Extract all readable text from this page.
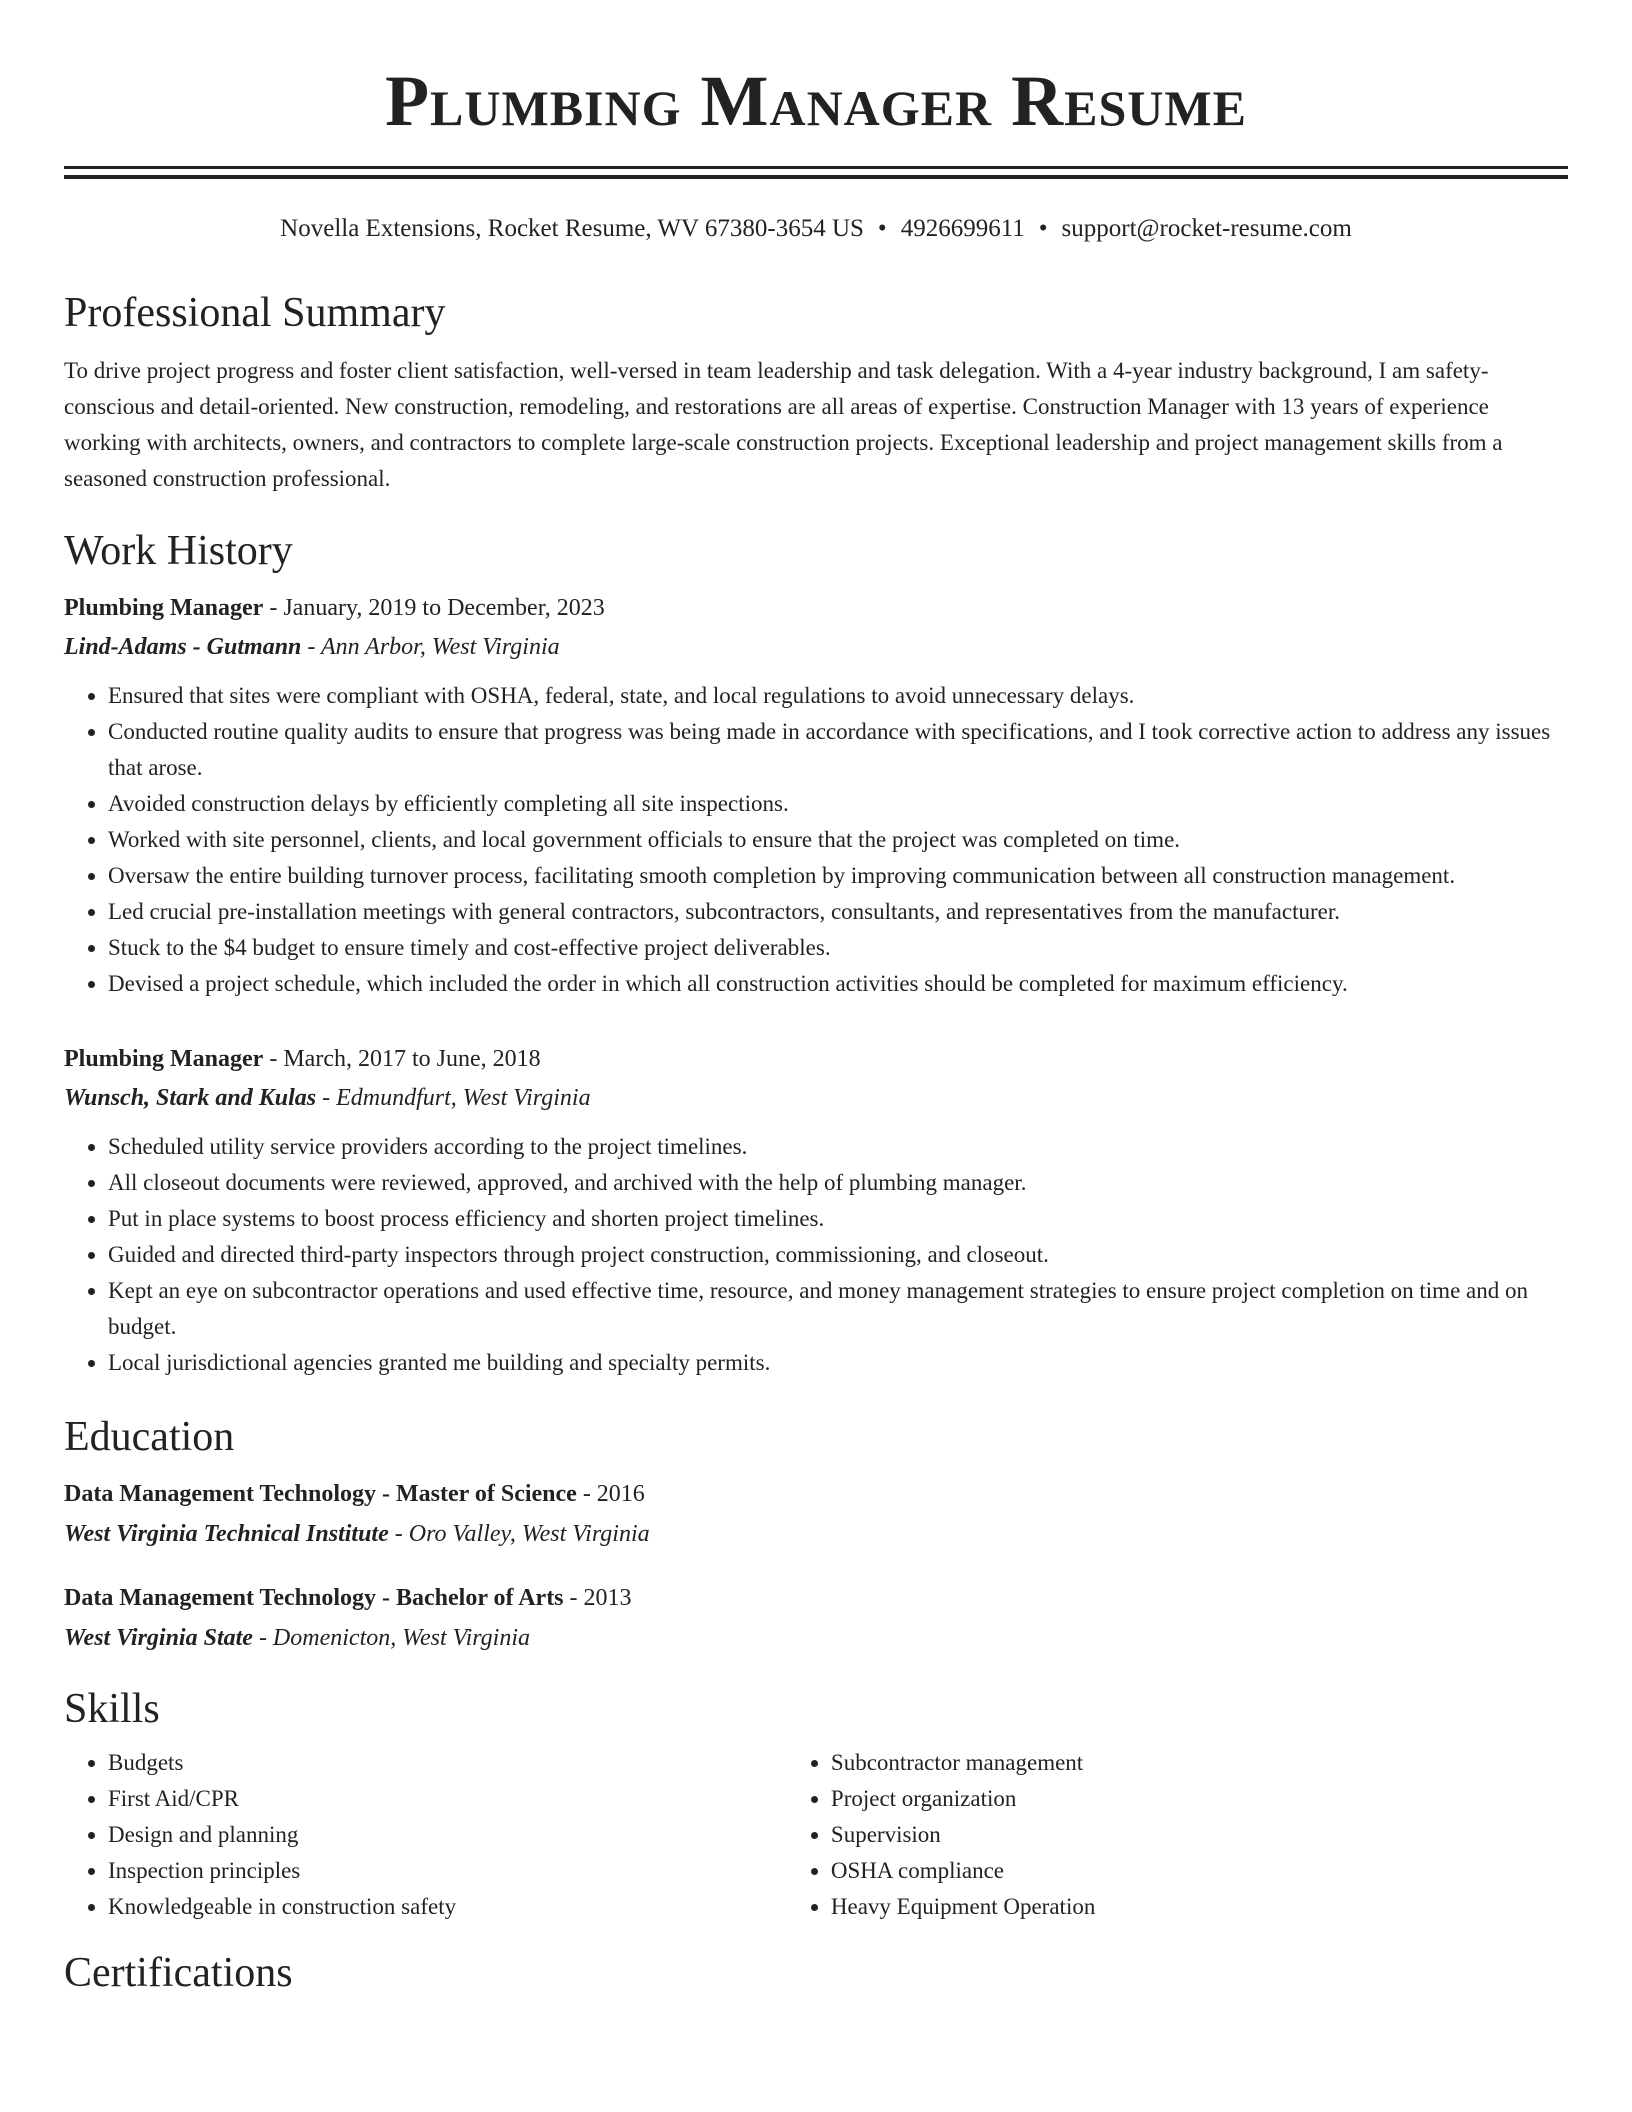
Plumbing Manager Resume
Novella Extensions, Rocket Resume, WV 67380-3654 US • 4926699611 • support@rocket-resume.com
Professional Summary

To drive project progress and foster client satisfaction, well-versed in team leadership and task delegation. With a 4-year industry background, I am safety-conscious and detail-oriented. New construction, remodeling, and restorations are all areas of expertise. Construction Manager with 13 years of experience working with architects, owners, and contractors to complete large-scale construction projects. Exceptional leadership and project management skills from a seasoned construction professional.

Work History
Plumbing Manager - January, 2019 to December, 2023
Lind-Adams - Gutmann - Ann Arbor, West Virginia
• Ensured that sites were compliant with OSHA, federal, state, and local regulations to avoid unnecessary delays.
• Conducted routine quality audits to ensure that progress was being made in accordance with specifications, and I took corrective action to address any issues that arose.
• Avoided construction delays by efficiently completing all site inspections.
• Worked with site personnel, clients, and local government officials to ensure that the project was completed on time.
• Oversaw the entire building turnover process, facilitating smooth completion by improving communication between all construction management.
• Led crucial pre-installation meetings with general contractors, subcontractors, consultants, and representatives from the manufacturer.
• Stuck to the $4 budget to ensure timely and cost-effective project deliverables.
• Devised a project schedule, which included the order in which all construction activities should be completed for maximum efficiency.
Plumbing Manager - March, 2017 to June, 2018
Wunsch, Stark and Kulas - Edmundfurt, West Virginia
• Scheduled utility service providers according to the project timelines.
• All closeout documents were reviewed, approved, and archived with the help of plumbing manager.
• Put in place systems to boost process efficiency and shorten project timelines.
• Guided and directed third-party inspectors through project construction, commissioning, and closeout.
• Kept an eye on subcontractor operations and used effective time, resource, and money management strategies to ensure project completion on time and on budget.
• Local jurisdictional agencies granted me building and specialty permits.
Education
Data Management Technology - Master of Science - 2016
West Virginia Technical Institute - Oro Valley, West Virginia
Data Management Technology - Bachelor of Arts - 2013
West Virginia State - Domenicton, West Virginia
Skills
• Budgets
• First Aid/CPR
• Design and planning
• Inspection principles
• Knowledgeable in construction safety
• Subcontractor management
• Project organization
• Supervision
• OSHA compliance
• Heavy Equipment Operation
Certifications
